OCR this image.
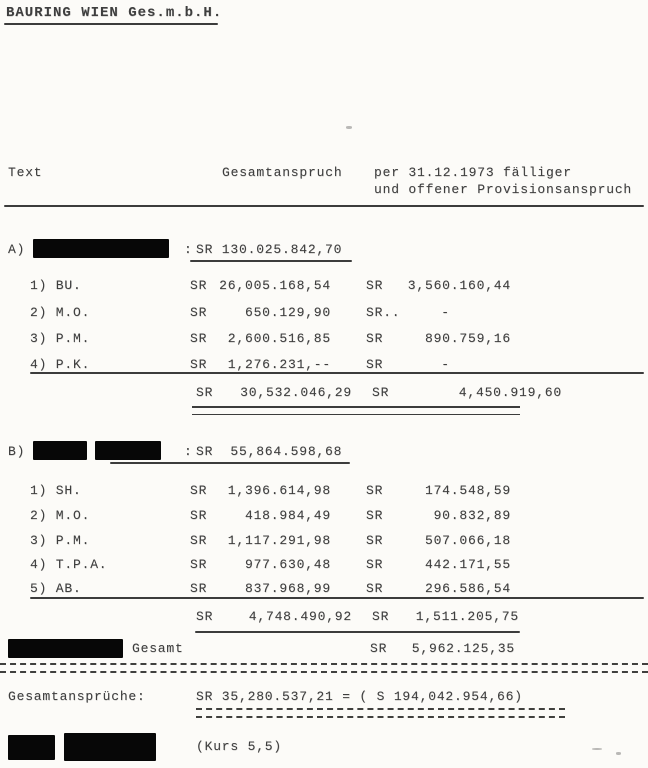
BAURING WIEN Ges.m.b.H.
Text	Gesamtanspruch per 31.12.1973 fälliger
und offener Provisionsanspruch
A)	: SR 130.025.842,70
1) BU.	SR 26,005.168,54	SR	3,560.160,44
2) M.O.	SR	650.129,90	SR..	-
3) P.M.	SR	2,600.516,85	SR	890.759,16
4) P.K.	SR	1,276.231,--	SR	-
SR	30,532.046,29 SR	4,450.919,60
B)	: SR  55,864.598,68
1) SH.	SR	1,396.614,98	SR	174.548,59
2) M.O.	SR	418.984,49	SR	90.832,89
3) P.M.	SR	1,117.291,98	SR	507.066,18
4) T.P.A.	SR	977.630,48	SR	442.171,55
5) AB.	SR	837.968,99	SR	296.586,54
SR	4,748.490,92 SR	1,511.205,75
Gesamt	SR	5,962.125,35
Gesamtansprüche:	SR 35,280.537,21 = ( S 194,042.954,66)
(Kurs 5,5)
